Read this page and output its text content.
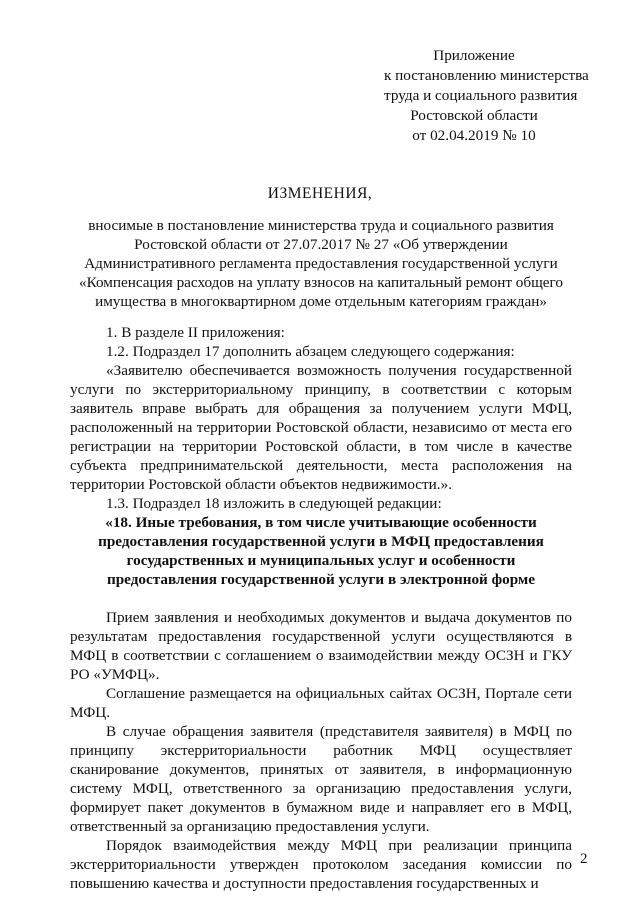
Приложение
к постановлению министерства
труда и социального развития
Ростовской области
от 02.04.2019 № 10
ИЗМЕНЕНИЯ,
вносимые в постановление министерства труда и социального развития Ростовской области от 27.07.2017 № 27 «Об утверждении Административного регламента предоставления государственной услуги «Компенсация расходов на уплату взносов на капитальный ремонт общего имущества в многоквартирном доме отдельным категориям граждан»

1. В разделе II приложения:

1.2. Подраздел 17 дополнить абзацем следующего содержания:

«Заявителю обеспечивается возможность получения государственной услуги по экстерриториальному принципу, в соответствии с которым заявитель вправе выбрать для обращения за получением услуги МФЦ, расположенный на территории Ростовской области, независимо от места его регистрации на территории Ростовской области, в том числе в качестве субъекта предпринимательской деятельности, места расположения на территории Ростовской области объектов недвижимости.».

1.3. Подраздел 18 изложить в следующей редакции:

«18. Иные требования, в том числе учитывающие особенности предоставления государственной услуги в МФЦ предоставления государственных и муниципальных услуг и особенности предоставления государственной услуги в электронной форме

Прием заявления и необходимых документов и выдача документов по результатам предоставления государственной услуги осуществляются в МФЦ в соответствии с соглашением о взаимодействии между ОСЗН и ГКУ РО «УМФЦ».

Соглашение размещается на официальных сайтах ОСЗН, Портале сети МФЦ.

В случае обращения заявителя (представителя заявителя) в МФЦ по принципу экстерриториальности работник МФЦ осуществляет сканирование документов, принятых от заявителя, в информационную систему МФЦ, ответственного за организацию предоставления услуги, формирует пакет документов в бумажном виде и направляет его в МФЦ, ответственный за организацию предоставления услуги.

Порядок взаимодействия между МФЦ при реализации принципа экстерриториальности утвержден протоколом заседания комиссии по повышению качества и доступности предоставления государственных и

2
